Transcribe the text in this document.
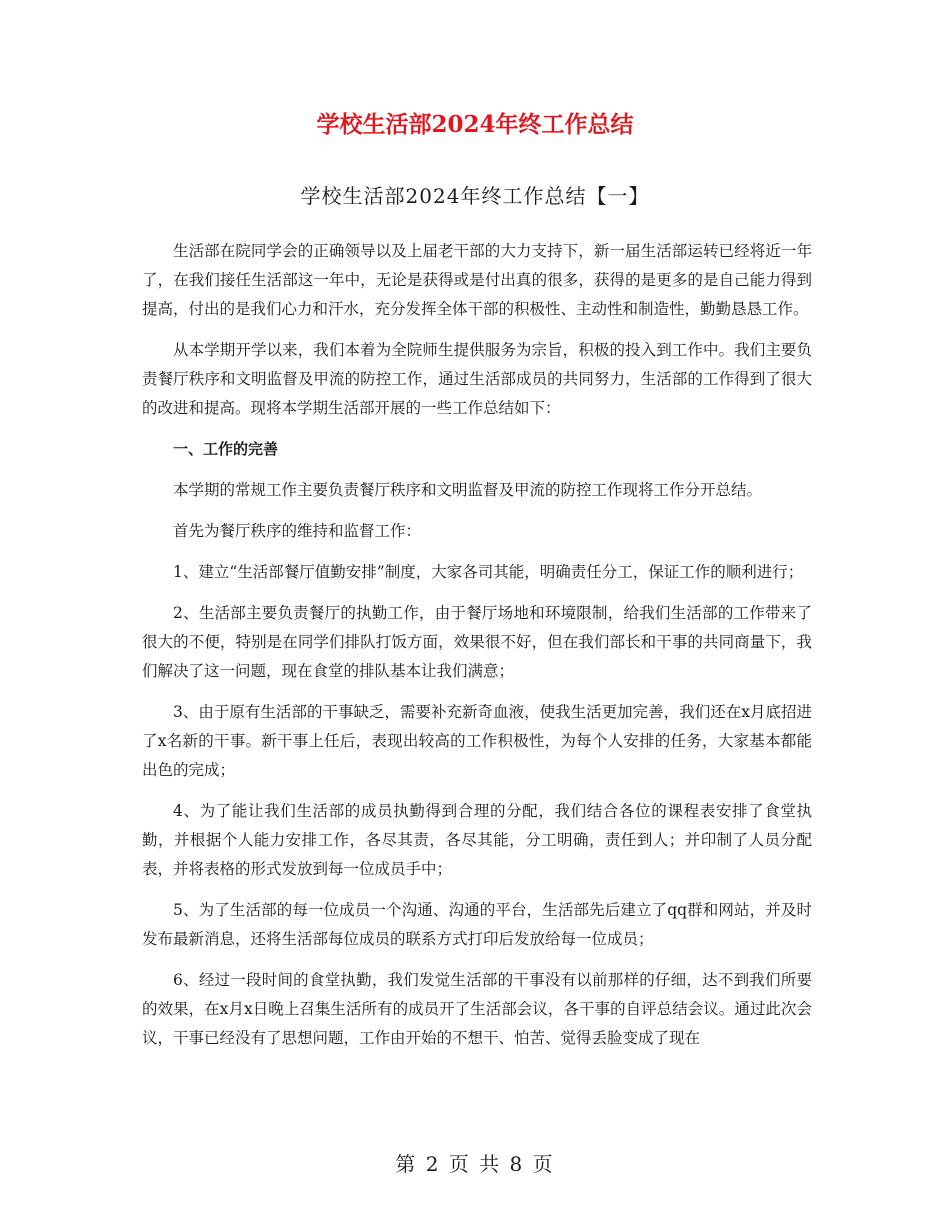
学校生活部2024年终工作总结
学校生活部2024年终工作总结【一】

生活部在院同学会的正确领导以及上届老干部的大力支持下，新一届生活部运转已经将近一年了，在我们接任生活部这一年中，无论是获得或是付出真的很多，获得的是更多的是自己能力得到提高，付出的是我们心力和汗水，充分发挥全体干部的积极性、主动性和制造性，勤勤恳恳工作。

从本学期开学以来，我们本着为全院师生提供服务为宗旨，积极的投入到工作中。我们主要负责餐厅秩序和文明监督及甲流的防控工作，通过生活部成员的共同努力，生活部的工作得到了很大的改进和提高。现将本学期生活部开展的一些工作总结如下：

一、工作的完善

本学期的常规工作主要负责餐厅秩序和文明监督及甲流的防控工作现将工作分开总结。

首先为餐厅秩序的维持和监督工作：

1、建立“生活部餐厅值勤安排”制度，大家各司其能，明确责任分工，保证工作的顺利进行；

2、生活部主要负责餐厅的执勤工作，由于餐厅场地和环境限制，给我们生活部的工作带来了很大的不便，特别是在同学们排队打饭方面，效果很不好，但在我们部长和干事的共同商量下，我们解决了这一问题，现在食堂的排队基本让我们满意；

3、由于原有生活部的干事缺乏，需要补充新奇血液，使我生活更加完善，我们还在x月底招进了x名新的干事。新干事上任后，表现出较高的工作积极性，为每个人安排的任务，大家基本都能出色的完成；

4、为了能让我们生活部的成员执勤得到合理的分配，我们结合各位的课程表安排了食堂执勤，并根据个人能力安排工作，各尽其责，各尽其能，分工明确，责任到人；并印制了人员分配表，并将表格的形式发放到每一位成员手中；

5、为了生活部的每一位成员一个沟通、沟通的平台，生活部先后建立了qq群和网站，并及时发布最新消息，还将生活部每位成员的联系方式打印后发放给每一位成员；

6、经过一段时间的食堂执勤，我们发觉生活部的干事没有以前那样的仔细，达不到我们所要的效果，在x月x日晚上召集生活所有的成员开了生活部会议，各干事的自评总结会议。通过此次会议，干事已经没有了思想问题，工作由开始的不想干、怕苦、觉得丢脸变成了现在

第 2 页 共 8 页
